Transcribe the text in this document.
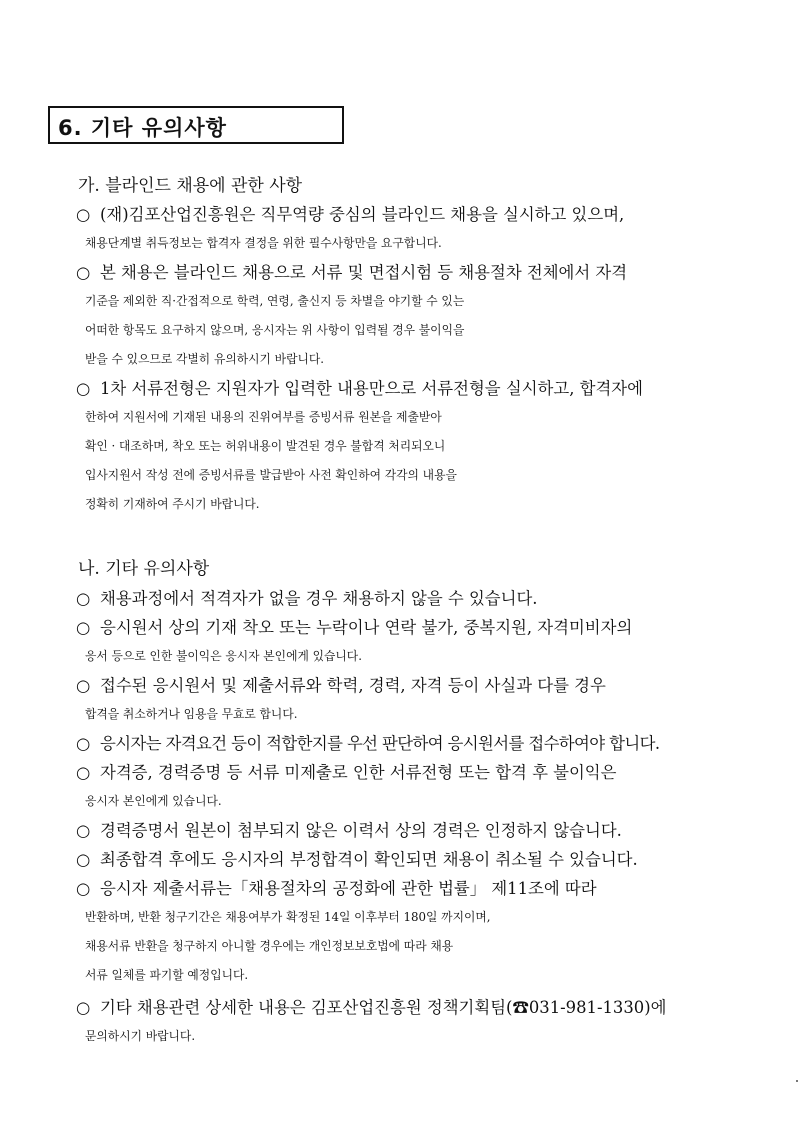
6. 기타 유의사항
가. 블라인드 채용에 관한 사항
○ (재)김포산업진흥원은 직무역량 중심의 블라인드 채용을 실시하고 있으며,
채용단계별 취득정보는 합격자 결정을 위한 필수사항만을 요구합니다.
○ 본 채용은 블라인드 채용으로 서류 및 면접시험 등 채용절차 전체에서 자격
기준을 제외한 직·간접적으로 학력, 연령, 출신지 등 차별을 야기할 수 있는
어떠한 항목도 요구하지 않으며, 응시자는 위 사항이 입력될 경우 불이익을
받을 수 있으므로 각별히 유의하시기 바랍니다.
○ 1차 서류전형은 지원자가 입력한 내용만으로 서류전형을 실시하고, 합격자에
한하여 지원서에 기재된 내용의 진위여부를 증빙서류 원본을 제출받아
확인 · 대조하며, 착오 또는 허위내용이 발견된 경우 불합격 처리되오니
입사지원서 작성 전에 증빙서류를 발급받아 사전 확인하여 각각의 내용을
정확히 기재하여 주시기 바랍니다.
나. 기타 유의사항
○ 채용과정에서 적격자가 없을 경우 채용하지 않을 수 있습니다.
○ 응시원서 상의 기재 착오 또는 누락이나 연락 불가, 중복지원, 자격미비자의
응서 등으로 인한 불이익은 응시자 본인에게 있습니다.
○ 접수된 응시원서 및 제출서류와 학력, 경력, 자격 등이 사실과 다를 경우
합격을 취소하거나 임용을 무효로 합니다.
○ 응시자는 자격요건 등이 적합한지를 우선 판단하여 응시원서를 접수하여야 합니다.
○ 자격증, 경력증명 등 서류 미제출로 인한 서류전형 또는 합격 후 불이익은
응시자 본인에게 있습니다.
○ 경력증명서 원본이 첨부되지 않은 이력서 상의 경력은 인정하지 않습니다.
○ 최종합격 후에도 응시자의 부정합격이 확인되면 채용이 취소될 수 있습니다.
○ 응시자 제출서류는「채용절차의 공정화에 관한 법률」 제11조에 따라
반환하며, 반환 청구기간은 채용여부가 확정된 14일 이후부터 180일 까지이며,
채용서류 반환을 청구하지 아니할 경우에는 개인정보보호법에 따라 채용
서류 일체를 파기할 예정입니다.
○ 기타 채용관련 상세한 내용은 김포산업진흥원 정책기획팀(☎031-981-1330)에
문의하시기 바랍니다.
